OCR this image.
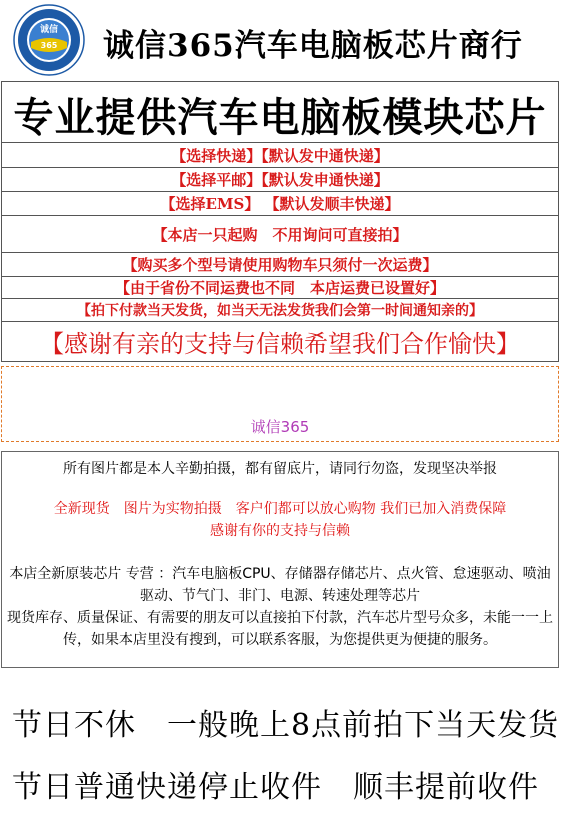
诚信
365 诚信365汽车电脑板芯片商行
专业提供汽车电脑板模块芯片
【选择快递】【默认发中通快递】
【选择平邮】【默认发申通快递】
【选择EMS】 【默认发顺丰快递】
【本店一只起购　不用询问可直接拍】
【购买多个型号请使用购物车只须付一次运费】
【由于省份不同运费也不同　本店运费已设置好】
【拍下付款当天发货，如当天无法发货我们会第一时间通知亲的】
【感谢有亲的支持与信赖希望我们合作愉快】
诚信365

所有图片都是本人辛勤拍摄，都有留底片，请同行勿盗，发现坚决举报

全新现货　图片为实物拍摄　客户们都可以放心购物 我们已加入消费保障
感谢有你的支持与信赖

本店全新原装芯片 专营 ：汽车电脑板CPU、存储器存储芯片、点火管、怠速驱动、喷油驱动、节气门、非门、电源、转速处理等芯片
现货库存、质量保证、有需要的朋友可以直接拍下付款，汽车芯片型号众多，未能一一上传，如果本店里没有搜到，可以联系客服，为您提供更为便捷的服务。

节日不休　一般晚上8点前拍下当天发货
节日普通快递停止收件　顺丰提前收件
